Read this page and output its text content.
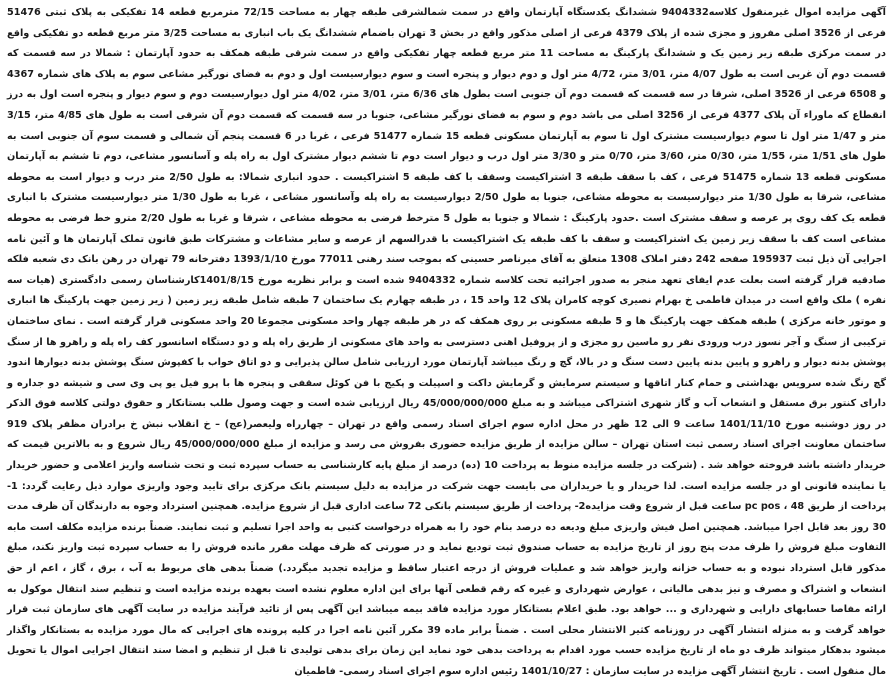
آگهی مزایده اموال غیرمنقول کلاسه9404332 ششدانگ یکدستگاه آپارتمان واقع در سمت شمالشرقی طبقه چهار به مساحت 72/15 مترمربع قطعه 14 تفکیکی به پلاک ثبتی 51476 فرعی از 3526 اصلی مفروز و مجزی شده از پلاک 4379 فرعی از اصلی مذکور واقع در بخش 3 تهران باضمام ششدانگ یک باب انباری به مساحت 3/25 متر مربع قطعه دو تفکیکی واقع در سمت مرکزی طبقه زیر زمین یک و ششدانگ پارکینگ به مساحت 11 متر مربع قطعه چهار تفکیکی واقع در سمت شرقی طبقه همکف به حدود آپارتمان : شمالا در سه قسمت که قسمت دوم آن غربی است به طول 4/07 متر، 3/01 متر، 4/72 متر اول و دوم دیوار و پنجره است و سوم دیوارسیست اول و دوم به فضای نورگیر مشاعی سوم به پلاک های شماره 4367 و 6508 فرعی از 3526 اصلی، شرقا در سه قسمت که قسمت دوم آن جنوبی است بطول های 6/36 متر، 3/01 متر، 4/02 متر اول دیوارسیست دوم و سوم دیوار و پنجره است اول به درز انقطاع که ماوراء آن پلاک 4377 فرعی از 3256 اصلی می باشد دوم و سوم به فضای نورگیر مشاعی، جنوبا در سه قسمت که قسمت دوم آن شرقی است به طول های 4/85 متر، 3/15 متر و 1/47 متر اول تا سوم دیوارسیست مشترک اول تا سوم به آپارتمان مسکونی قطعه 15 شماره 51477 فرعی ، غربا در 6 قسمت پنجم آن شمالی و قسمت سوم آن جنوبی است به طول های 1/51 متر، 1/55 متر، 0/30 متر، 3/60 متر، 0/70 متر و 3/30 متر اول درب و دیوار است دوم تا ششم دیوار مشترک اول به راه پله و آسانسور مشاعی، دوم تا ششم به آپارتمان مسکونی قطعه 13 شماره 51475 فرعی ، کف با سقف طبقه 3 اشتراکیست وسقف با کف طبقه 5 اشتراکیست . حدود انباری شمالا: به طول 2/50 متر درب و دیوار است به محوطه مشاعی، شرقا به طول 1/30 متر دیوارسیست به محوطه مشاعی، جنوبا به طول 2/50 دیوارسیست به راه پله وآسانسور مشاعی ، غربا به طول 1/30 متر دیوارسیست مشترک با انباری قطعه یک کف روی پر عرصه و سقف مشترک است .حدود پارکینگ : شمالا و جنوبا به طول 5 مترخط فرضی به محوطه مشاعی ، شرقا و غربا به طول 2/20 مترو خط فرضی به محوطه مشاعی است کف با سقف زیر زمین یک اشتراکیست و سقف با کف طبقه یک اشتراکیست با قدرالسهم از عرصه و سایر مشاعات و مشترکات طبق قانون تملک آپارتمان ها و آئین نامه اجرایی آن ذیل ثبت 195937 صفحه 242 دفتر املاک 1308 متعلق به آقای میرناصر حسینی که بموجب سند رهنی 77011 مورخ 1393/1/10 دفترخانه 79 تهران در رهن بانک دی شعبه فلکه صادقیه قرار گرفته است بعلت عدم ایفای تعهد منجر به صدور اجرائیه تحت کلاسه شماره 9404332 شده است و برابر نظریه مورخ 1401/8/15کارشناسان رسمی دادگستری (هیات سه نفره ) ملک واقع است در میدان فاطمی خ بهرام نصیری کوچه کامران پلاک 12 واحد 15 ، در طبقه چهارم یک ساختمان 7 طبقه شامل طبقه زیر زمین ( زیر زمین جهت پارکینگ ها انباری و موتور خانه مرکزی ) طبقه همکف جهت پارکینگ ها و 5 طبقه مسکونی بر روی همکف که در هر طبقه چهار واحد مسکونی مجموعا 20 واحد مسکونی قرار گرفته است . نمای ساختمان ترکیبی از سنگ و آجر نسوز درب ورودی نفر رو ماسین رو مجزی و از پروفیل اهنی دسترسی به واحد های مسکونی از طریق راه پله و دو دستگاه اسانسور کف راه پله و راهرو ها از سنگ پوشش بدنه دیوار و راهرو و پایین بدنه پایین دست سنگ و در بالا، گچ و رنگ میباشد آپارتمان مورد ارزیابی شامل سالن پذیرایی و دو اتاق خواب با کفپوش سنگ پوشش بدنه دیوارها اندود گچ رنگ شده سرویس بهداشتی و حمام کنار اتاقها و سیستم سرمایش و گرمایش داکت و اسپیلت و پکیج با فن کوئل سقفی و پنجره ها با پرو فیل یو پی وی سی و شیشه دو جداره و دارای کنتور برق مستقل و انشعاب آب و گاز شهری اشتراکی میباشد و به مبلغ 45/000/000/000 ریال ارزیابی شده است و جهت وصول طلب بستانکار و حقوق دولتی کلاسه فوق الذکر در روز دوشنبه مورخ 1401/11/10 ساعت 9 الی 12 ظهر در محل اداره سوم اجرای اسناد رسمی واقع در تهران – چهارراه ولیعصر(عج) – خ انقلاب نبش خ برادران مظفر پلاک 919 ساختمان معاونت اجرای اسناد رسمی ثبت استان تهران – سالن مزایده از طریق مزایده حضوری بفروش می رسد و مزایده از مبلغ 45/000/000/000 ریال شروع و به بالاترین قیمت که خریدار داشته باشد فروخته خواهد شد . (شرکت در جلسه مزایده منوط به پرداخت 10 (ده) درصد از مبلغ پایه کارشناسی به حساب سپرده ثبت و تحت شناسه واریز اعلامی و حضور خریدار یا نماینده قانونی او در جلسه مزایده است. لذا خریدار و یا خریداران می بایست جهت شرکت در مزایده به دلیل سیستم بانک مرکزی برای تایید وجود واریزی موارد ذیل رعایت گردد: 1- پرداخت از طریق pc pos ، 48 ساعت قبل از شروع وقت مزایده2- پرداخت از طریق سیستم بانکی 72 ساعت اداری قبل از شروع مزایده. همچنین استرداد وجوه به دارندگان آن ظرف مدت 30 روز بعد قابل اجرا میباشد. همچنین اصل فیش واریزی مبلغ ودیعه ده درصد بنام خود را به همراه درخواست کتبی به واحد اجرا تسلیم و ثبت نمایند. ضمناً برنده مزایده مکلف است مابه التفاوت مبلغ فروش را ظرف مدت پنج روز از تاریخ مزایده به حساب صندوق ثبت تودیع نماید و در صورتی که ظرف مهلت مقرر مانده فروش را به حساب سپرده ثبت واریز نکند، مبلغ مذکور قابل استرداد نبوده و به حساب خزانه واریز خواهد شد و عملیات فروش از درجه اعتبار ساقط و مزایده تجدید میگردد.) ضمناً بدهی های مربوط به آب ، برق ، گاز ، اعم از حق انشعاب و اشتراک و مصرف و نیز بدهی مالیاتی ، عوارض شهرداری و غیره که رقم قطعی آنها برای این اداره معلوم نشده است بعهده برنده مزایده است و تنظیم سند انتقال موکول به ارائه مفاصا حسابهای دارایی و شهرداری و ... خواهد بود. طبق اعلام بستانکار مورد مزایده فاقد بیمه میباشد این آگهی پس از تائید فرآیند مزایده در سایت آگهی های سازمان ثبت قرار خواهد گرفت و به منزله انتشار آگهی در روزنامه کثیر الانتشار محلی است . ضمناً برابر ماده 39 مکرر آئین نامه اجرا در کلیه پرونده های اجرایی که مال مورد مزایده به بستانکار واگذار میشود بدهکار میتواند ظرف دو ماه از تاریخ مزایده حسب مورد اقدام به پرداخت بدهی خود نماید این زمان برای بدهی تولیدی تا قبل از تنظیم و امضا سند انتقال اجرایی اموال یا تحویل مال منقول است . تاریخ انتشار آگهی مزایده در سایت سازمان : 1401/10/27 رئیس اداره سوم اجرای اسناد رسمی- فاطمیان
